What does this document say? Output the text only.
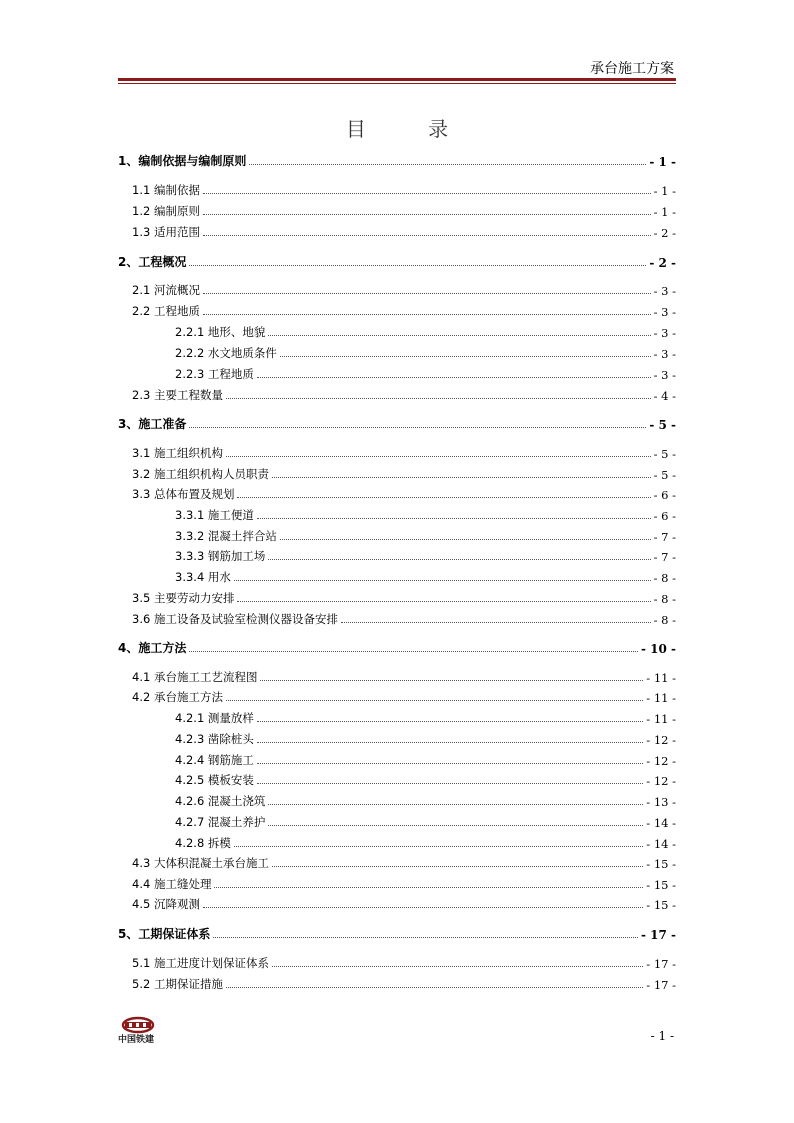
承台施工方案
目 录
1、编制依据与编制原则	- 1 -
1.1 编制依据	- 1 -
1.2 编制原则	- 1 -
1.3 适用范围	- 2 -
2、工程概况	- 2 -
2.1 河流概况	- 3 -
2.2 工程地质	- 3 -
2.2.1 地形、地貌	- 3 -
2.2.2 水文地质条件	- 3 -
2.2.3 工程地质	- 3 -
2.3 主要工程数量	- 4 -
3、施工准备	- 5 -
3.1 施工组织机构	- 5 -
3.2 施工组织机构人员职责	- 5 -
3.3 总体布置及规划	- 6 -
3.3.1 施工便道	- 6 -
3.3.2 混凝土拌合站	- 7 -
3.3.3 钢筋加工场	- 7 -
3.3.4 用水	- 8 -
3.5 主要劳动力安排	- 8 -
3.6 施工设备及试验室检测仪器设备安排	- 8 -
4、施工方法	- 10 -
4.1 承台施工工艺流程图	- 11 -
4.2 承台施工方法	- 11 -
4.2.1 测量放样	- 11 -
4.2.3 凿除桩头	- 12 -
4.2.4 钢筋施工	- 12 -
4.2.5 模板安装	- 12 -
4.2.6 混凝土浇筑	- 13 -
4.2.7 混凝土养护	- 14 -
4.2.8 拆模	- 14 -
4.3 大体积混凝土承台施工	- 15 -
4.4 施工缝处理	- 15 -
4.5 沉降观测	- 15 -
5、工期保证体系	- 17 -
5.1 施工进度计划保证体系	- 17 -
5.2 工期保证措施	- 17 -
中国铁建	- 1 -
